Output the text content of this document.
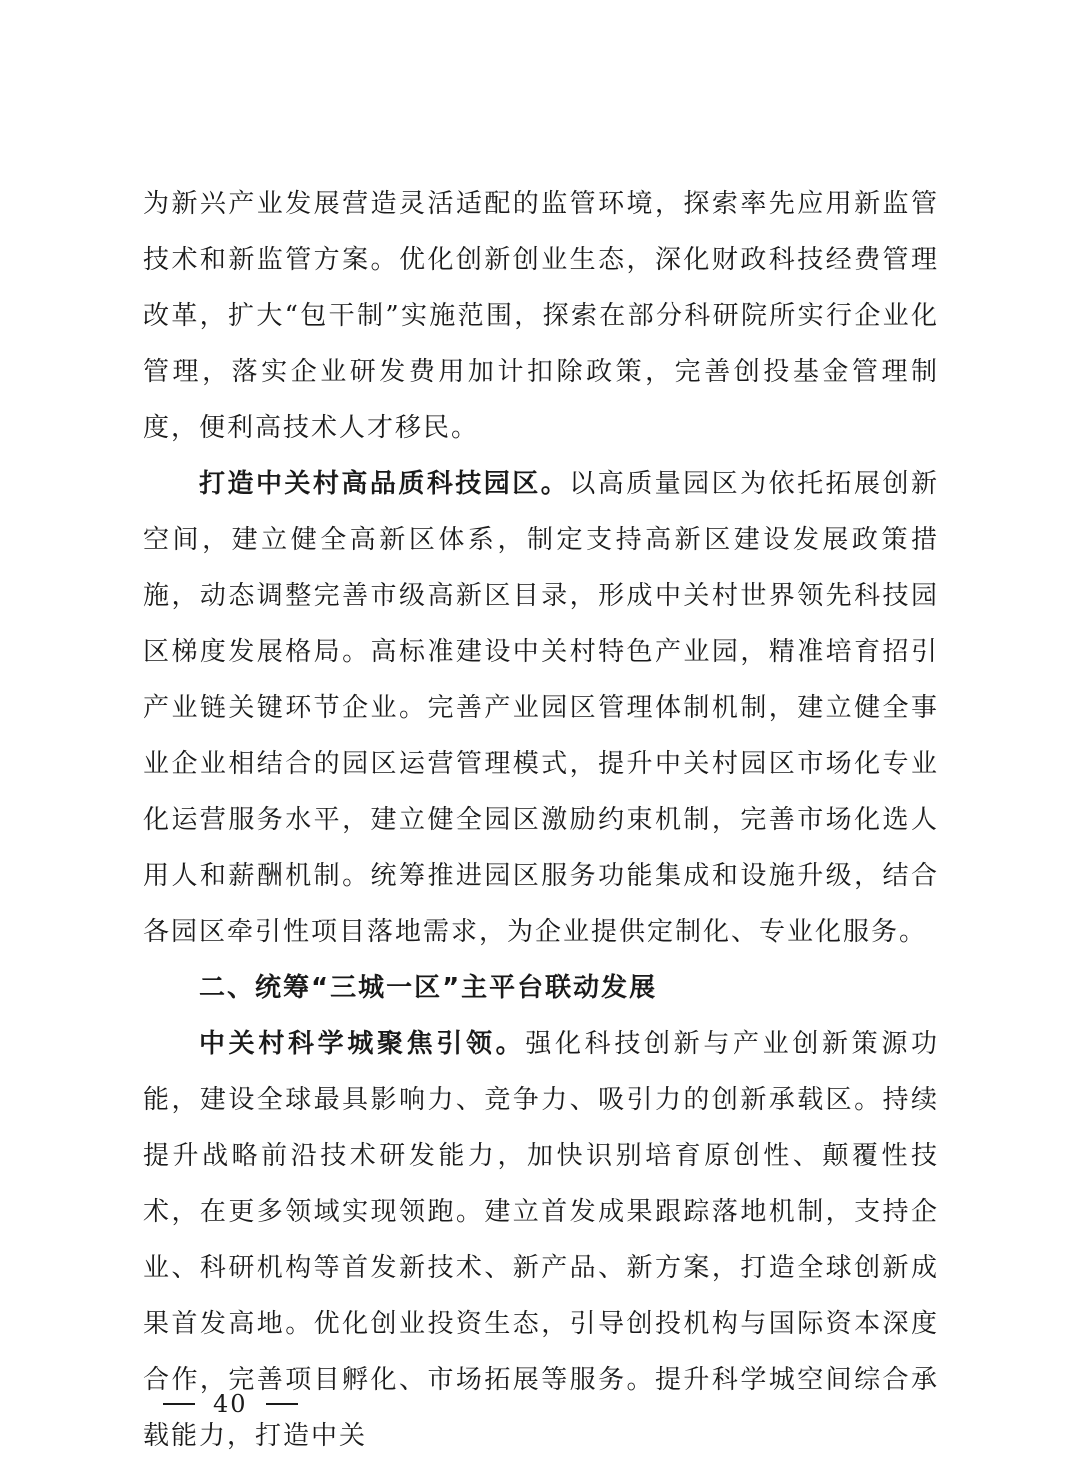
为新兴产业发展营造灵活适配的监管环境，探索率先应用新监管技术和新监管方案。优化创新创业生态，深化财政科技经费管理改革，扩大“包干制”实施范围，探索在部分科研院所实行企业化管理，落实企业研发费用加计扣除政策，完善创投基金管理制度，便利高技术人才移民。

打造中关村高品质科技园区。以高质量园区为依托拓展创新空间，建立健全高新区体系，制定支持高新区建设发展政策措施，动态调整完善市级高新区目录，形成中关村世界领先科技园区梯度发展格局。高标准建设中关村特色产业园，精准培育招引产业链关键环节企业。完善产业园区管理体制机制，建立健全事业企业相结合的园区运营管理模式，提升中关村园区市场化专业化运营服务水平，建立健全园区激励约束机制，完善市场化选人用人和薪酬机制。统筹推进园区服务功能集成和设施升级，结合各园区牵引性项目落地需求，为企业提供定制化、专业化服务。

二、统筹“三城一区”主平台联动发展

中关村科学城聚焦引领。强化科技创新与产业创新策源功能，建设全球最具影响力、竞争力、吸引力的创新承载区。持续提升战略前沿技术研发能力，加快识别培育原创性、颠覆性技术，在更多领域实现领跑。建立首发成果跟踪落地机制，支持企业、科研机构等首发新技术、新产品、新方案，打造全球创新成果首发高地。优化创业投资生态，引导创投机构与国际资本深度合作，完善项目孵化、市场拓展等服务。提升科学城空间综合承载能力，打造中关

40
